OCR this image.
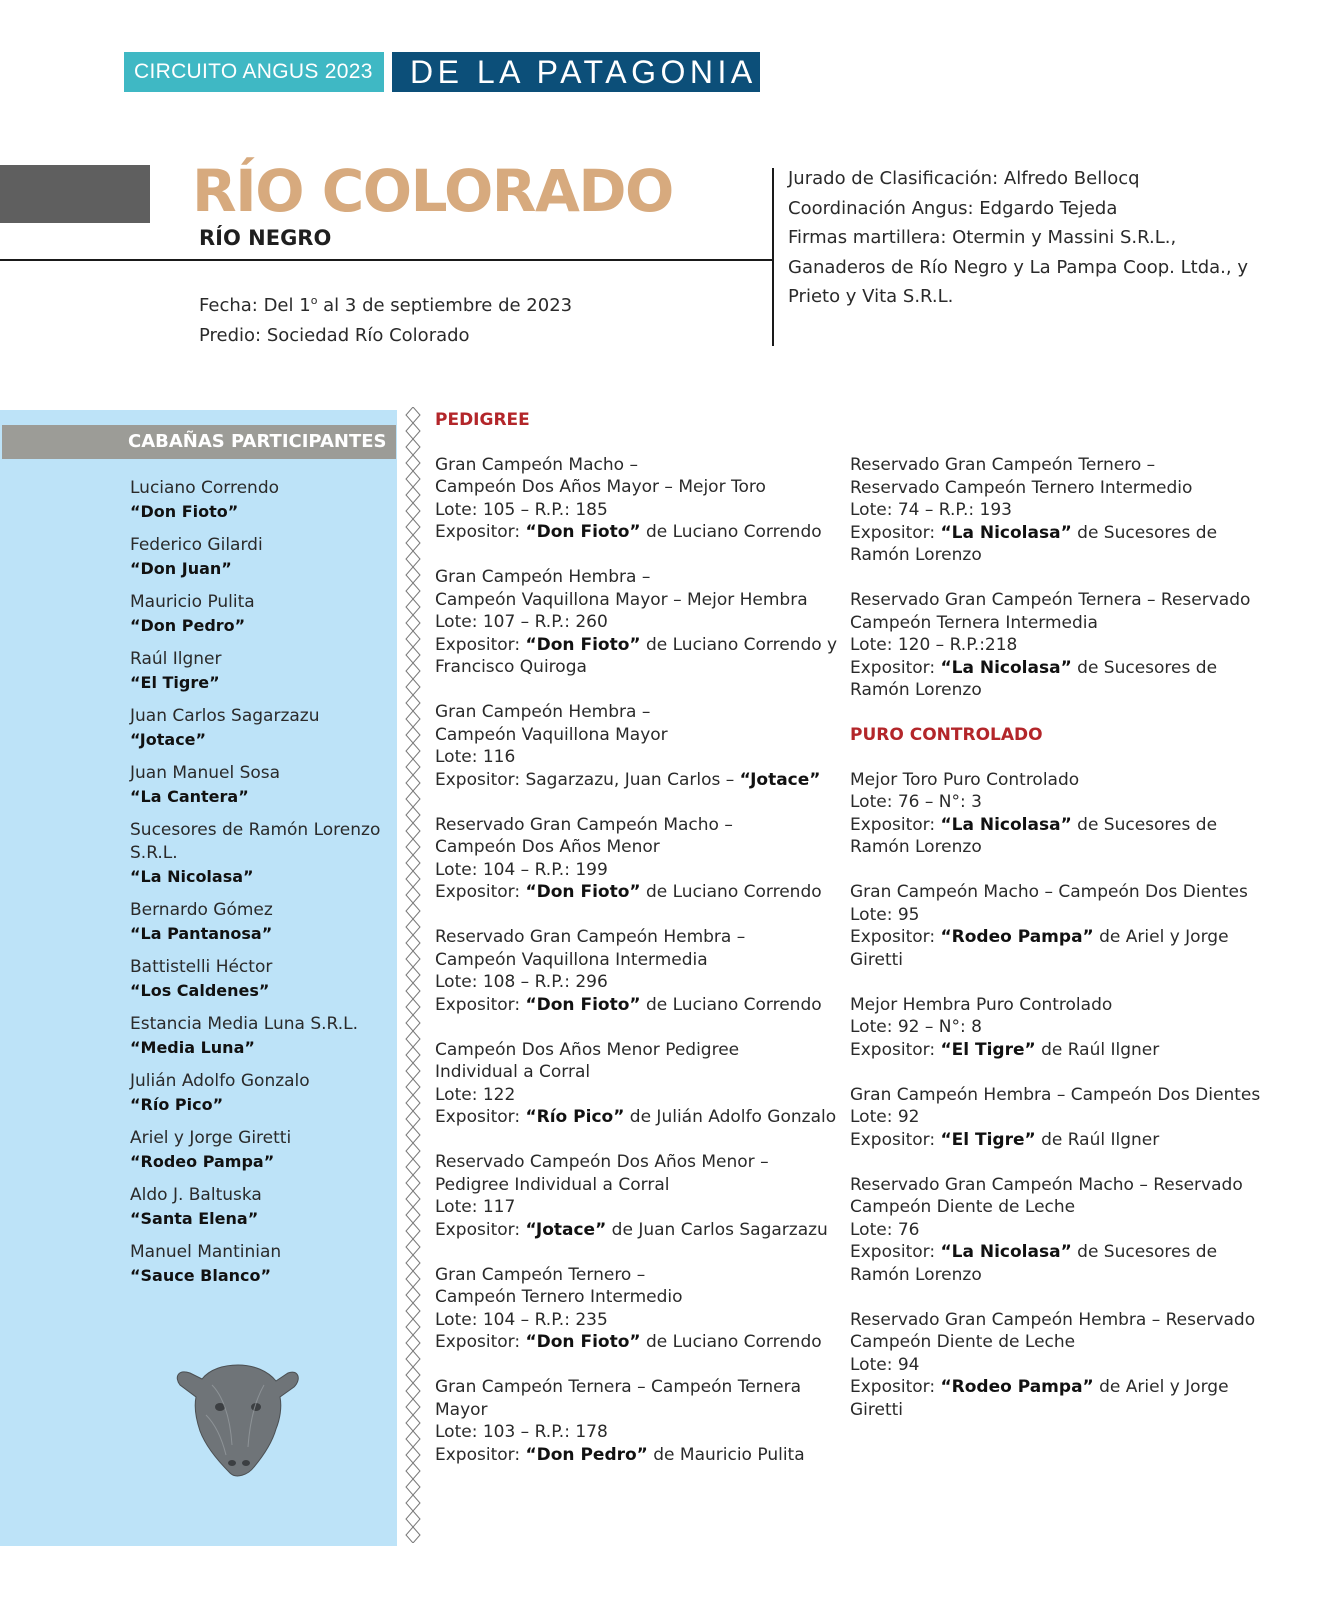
CIRCUITO ANGUS 2023	DE LA PATAGONIA
RÍO COLORADO
RÍO NEGRO
Fecha: Del 1$^o$ al 3 de septiembre de 2023
Predio: Sociedad Río Colorado
Jurado de Clasificación: Alfredo Bellocq
Coordinación Angus: Edgardo Tejeda
Firmas martillera: Otermin y Massini S.R.L.,
Ganaderos de Río Negro y La Pampa Coop. Ltda., y
Prieto y Vita S.R.L.
CABAÑAS PARTICIPANTES
Luciano Correndo
“Don Fioto”
Federico Gilardi
“Don Juan”
Mauricio Pulita
“Don Pedro”
Raúl Ilgner
“El Tigre”
Juan Carlos Sagarzazu
“Jotace”
Juan Manuel Sosa
“La Cantera”
Sucesores de Ramón Lorenzo S.R.L.
“La Nicolasa”
Bernardo Gómez
“La Pantanosa”
Battistelli Héctor
“Los Caldenes”
Estancia Media Luna S.R.L.
“Media Luna”
Julián Adolfo Gonzalo
“Río Pico”
Ariel y Jorge Giretti
“Rodeo Pampa”
Aldo J. Baltuska
“Santa Elena”
Manuel Mantinian
“Sauce Blanco”
PEDIGREE
Gran Campeón Macho –
Campeón Dos Años Mayor – Mejor Toro
Lote: 105 – R.P.: 185
Expositor: “Don Fioto” de Luciano Correndo
Gran Campeón Hembra –
Campeón Vaquillona Mayor – Mejor Hembra
Lote: 107 – R.P.: 260
Expositor: “Don Fioto” de Luciano Correndo y Francisco Quiroga
Gran Campeón Hembra –
Campeón Vaquillona Mayor
Lote: 116
Expositor: Sagarzazu, Juan Carlos – “Jotace”
Reservado Gran Campeón Macho –
Campeón Dos Años Menor
Lote: 104 – R.P.: 199
Expositor: “Don Fioto” de Luciano Correndo
Reservado Gran Campeón Hembra –
Campeón Vaquillona Intermedia
Lote: 108 – R.P.: 296
Expositor: “Don Fioto” de Luciano Correndo
Campeón Dos Años Menor Pedigree
Individual a Corral
Lote: 122
Expositor: “Río Pico” de Julián Adolfo Gonzalo
Reservado Campeón Dos Años Menor –
Pedigree Individual a Corral
Lote: 117
Expositor: “Jotace” de Juan Carlos Sagarzazu
Gran Campeón Ternero –
Campeón Ternero Intermedio
Lote: 104 – R.P.: 235
Expositor: “Don Fioto” de Luciano Correndo
Gran Campeón Ternera – Campeón Ternera Mayor
Lote: 103 – R.P.: 178
Expositor: “Don Pedro” de Mauricio Pulita
Reservado Gran Campeón Ternero –
Reservado Campeón Ternero Intermedio
Lote: 74 – R.P.: 193
Expositor: “La Nicolasa” de Sucesores de Ramón Lorenzo
Reservado Gran Campeón Ternera – Reservado Campeón Ternera Intermedia
Lote: 120 – R.P.:218
Expositor: “La Nicolasa” de Sucesores de Ramón Lorenzo
PURO CONTROLADO
Mejor Toro Puro Controlado
Lote: 76 – N°: 3
Expositor: “La Nicolasa” de Sucesores de Ramón Lorenzo
Gran Campeón Macho – Campeón Dos Dientes
Lote: 95
Expositor: “Rodeo Pampa” de Ariel y Jorge Giretti
Mejor Hembra Puro Controlado
Lote: 92 – N°: 8
Expositor: “El Tigre” de Raúl Ilgner
Gran Campeón Hembra – Campeón Dos Dientes
Lote: 92
Expositor: “El Tigre” de Raúl Ilgner
Reservado Gran Campeón Macho – Reservado Campeón Diente de Leche
Lote: 76
Expositor: “La Nicolasa” de Sucesores de Ramón Lorenzo
Reservado Gran Campeón Hembra – Reservado Campeón Diente de Leche
Lote: 94
Expositor: “Rodeo Pampa” de Ariel y Jorge Giretti
